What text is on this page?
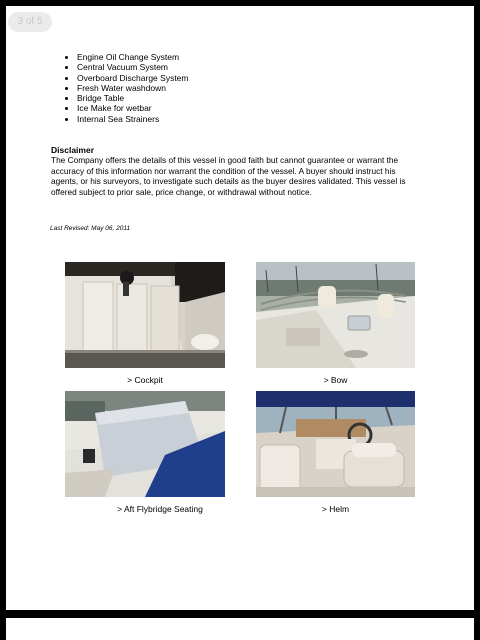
3 of 5
• Engine Oil Change System
• Central Vacuum System
• Overboard Discharge System
• Fresh Water washdown
• Bridge Table
• Ice Make for wetbar
• Internal Sea Strainers
Disclaimer
The Company offers the details of this vessel in good faith but cannot guarantee or warrant the accuracy of this information nor warrant the condition of the vessel. A buyer should instruct his agents, or his surveyors, to investigate such details as the buyer desires validated. This vessel is offered subject to prior sale, price change, or withdrawal without notice.
Last Revised: May 06, 2011
> Cockpit	> Bow
> Aft Flybridge Seating	> Helm
